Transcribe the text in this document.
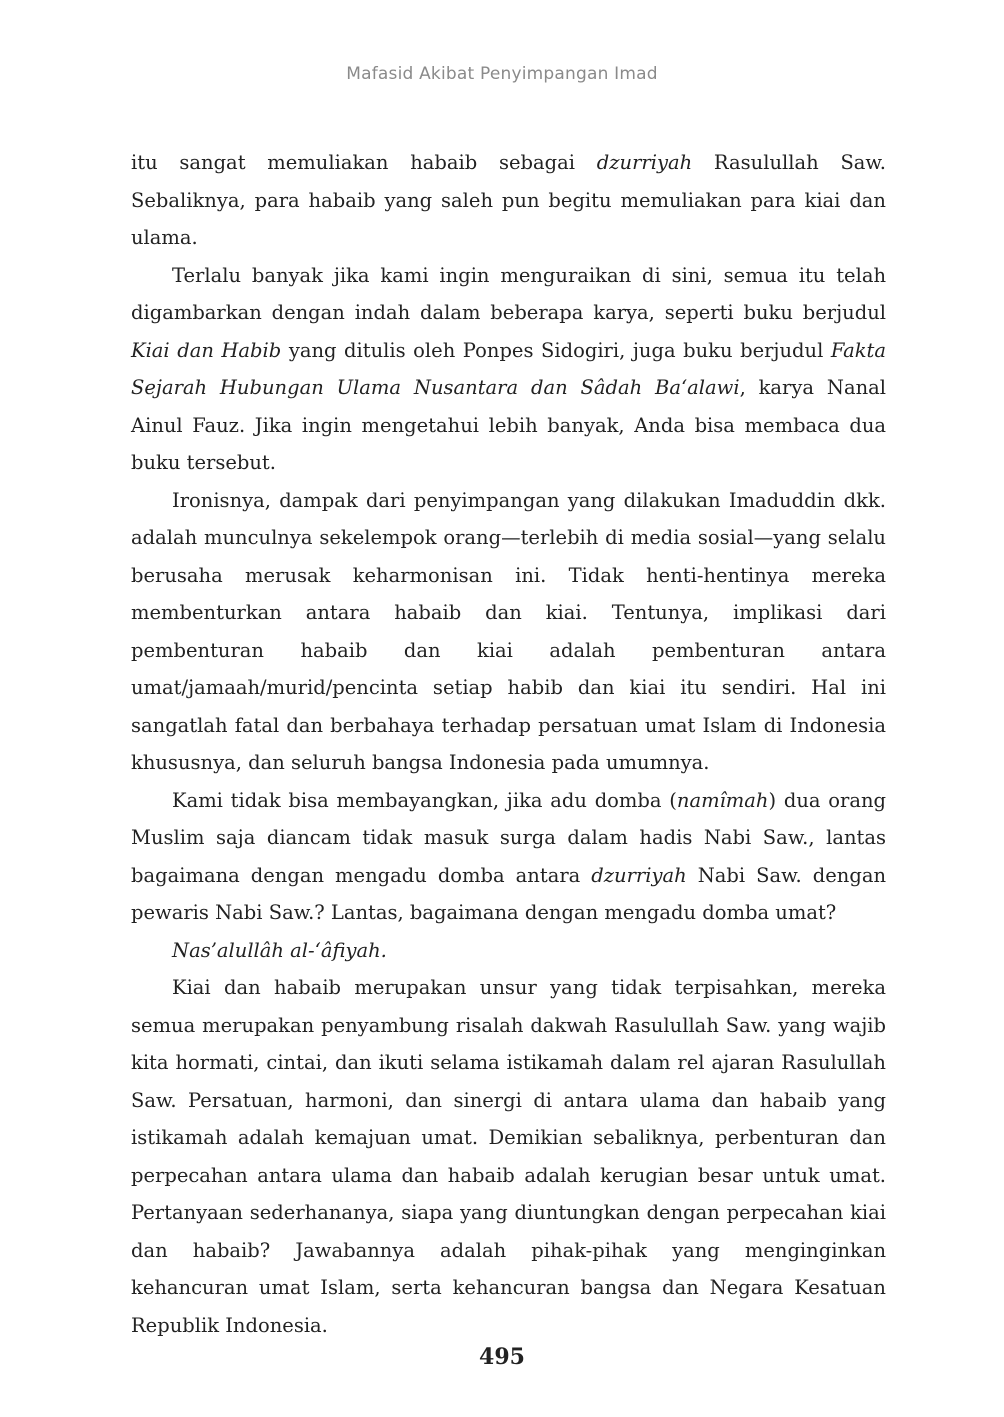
Mafasid Akibat Penyimpangan Imad

itu sangat memuliakan habaib sebagai dzurriyah Rasulullah Saw. Sebaliknya, para habaib yang saleh pun begitu memuliakan para kiai dan ulama.

Terlalu banyak jika kami ingin menguraikan di sini, semua itu telah digambarkan dengan indah dalam beberapa karya, seperti buku berjudul Kiai dan Habib yang ditulis oleh Ponpes Sidogiri, juga buku berjudul Fakta Sejarah Hubungan Ulama Nusantara dan Sâdah Ba‘alawi, karya Nanal Ainul Fauz. Jika ingin mengetahui lebih banyak, Anda bisa membaca dua buku tersebut.

Ironisnya, dampak dari penyimpangan yang dilakukan Imaduddin dkk. adalah munculnya sekelempok orang—terlebih di media sosial—yang selalu berusaha merusak keharmonisan ini. Tidak henti-hentinya mereka membenturkan antara habaib dan kiai. Tentunya, implikasi dari pembenturan habaib dan kiai adalah pembenturan antara umat/jamaah/murid/pencinta setiap habib dan kiai itu sendiri. Hal ini sangatlah fatal dan berbahaya terhadap persatuan umat Islam di Indonesia khususnya, dan seluruh bangsa Indonesia pada umumnya.

Kami tidak bisa membayangkan, jika adu domba (namîmah) dua orang Muslim saja diancam tidak masuk surga dalam hadis Nabi Saw., lantas bagaimana dengan mengadu domba antara dzurriyah Nabi Saw. dengan pewaris Nabi Saw.? Lantas, bagaimana dengan mengadu domba umat?

Nas’alullâh al-‘âfiyah.

Kiai dan habaib merupakan unsur yang tidak terpisahkan, mereka semua merupakan penyambung risalah dakwah Rasulullah Saw. yang wajib kita hormati, cintai, dan ikuti selama istikamah dalam rel ajaran Rasulullah Saw. Persatuan, harmoni, dan sinergi di antara ulama dan habaib yang istikamah adalah kemajuan umat. Demikian sebaliknya, perbenturan dan perpecahan antara ulama dan habaib adalah kerugian besar untuk umat. Pertanyaan sederhananya, siapa yang diuntungkan dengan perpecahan kiai dan habaib? Jawabannya adalah pihak-pihak yang menginginkan kehancuran umat Islam, serta kehancuran bangsa dan Negara Kesatuan Republik Indonesia.

495
